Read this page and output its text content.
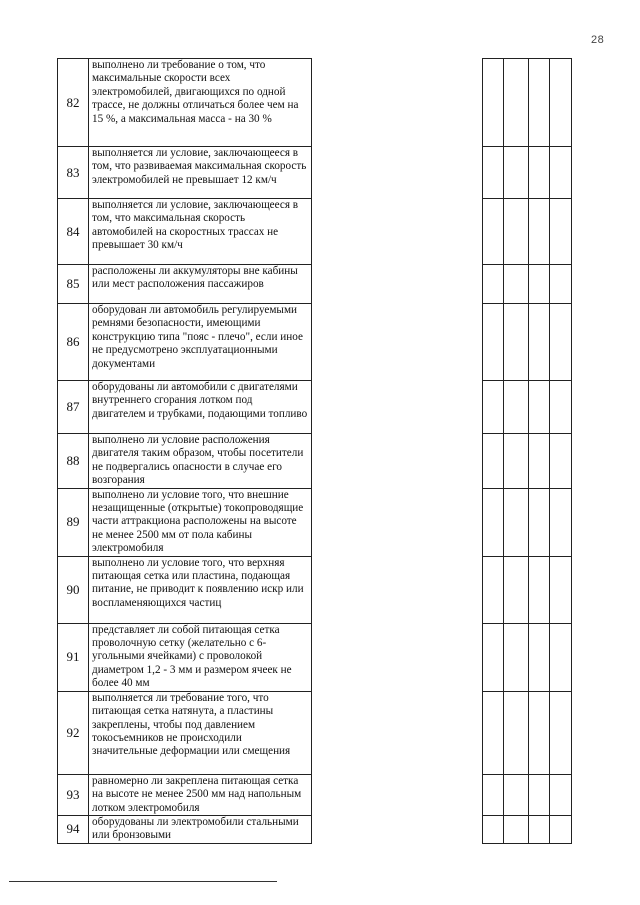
28
82	выполнено ли требование о том, что максимальные скорости всех электромобилей, двигающихся по одной трассе, не должны отличаться более чем на 15 %, а максимальная масса - на 30 %					
83	выполняется ли условие, заключающееся в том, что развиваемая максимальная скорость электромобилей не превышает 12 км/ч					
84	выполняется ли условие, заключающееся в том, что максимальная скорость автомобилей на скоростных трассах не превышает 30 км/ч					
85	расположены ли аккумуляторы вне кабины или мест расположения пассажиров					
86	оборудован ли автомобиль регулируемыми ремнями безопасности, имеющими конструкцию типа "пояс - плечо", если иное не предусмотрено эксплуатационными документами					
87	оборудованы ли автомобили с двигателями внутреннего сгорания лотком под двигателем и трубками, подающими топливо					
88	выполнено ли условие расположения двигателя таким образом, чтобы посетители не подвергались опасности в случае его возгорания					
89	выполнено ли условие того, что внешние незащищенные (открытые) токопроводящие части аттракциона расположены на высоте не менее 2500 мм от пола кабины электромобиля					
90	выполнено ли условие того, что верхняя питающая сетка или пластина, подающая питание, не приводит к появлению искр или воспламеняющихся частиц					
91	представляет ли собой питающая сетка проволочную сетку (желательно с 6-угольными ячейками) с проволокой диаметром 1,2 - 3 мм и размером ячеек не более 40 мм					
92	выполняется ли требование того, что питающая сетка натянута, а пластины закреплены, чтобы под давлением токосъемников не происходили значительные деформации или смещения					
93	равномерно ли закреплена питающая сетка на высоте не менее 2500 мм над напольным лотком электромобиля					
94	оборудованы ли электромобили стальными или бронзовыми					
